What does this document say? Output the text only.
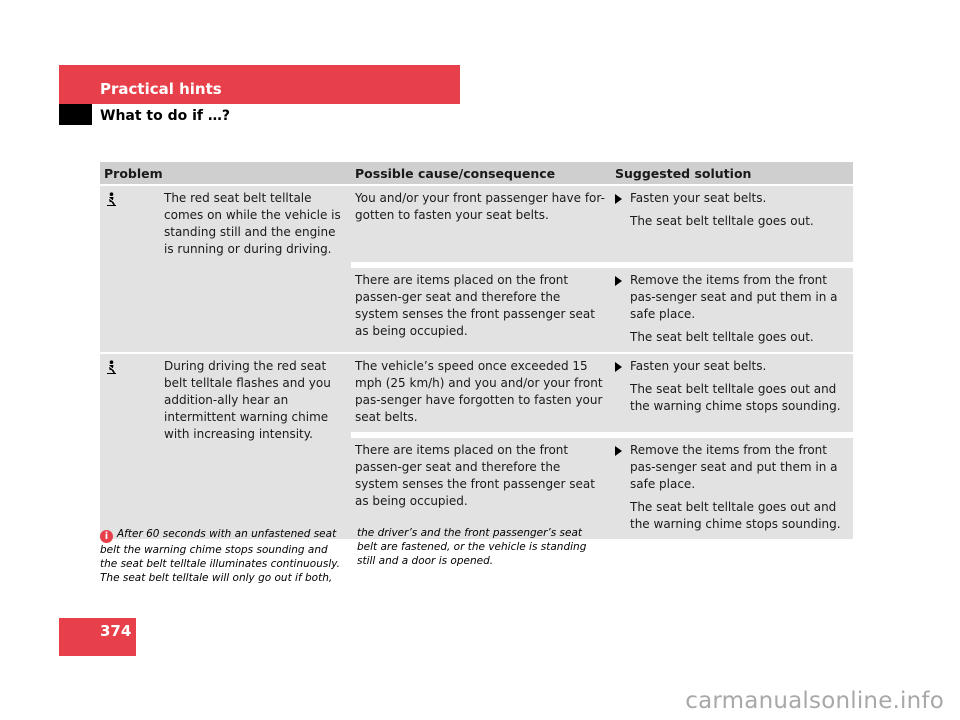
Practical hints
What to do if …?
Problem		Possible cause/consequence	Suggested solution
	The red seat belt telltale comes on while the vehicle is standing still and the engine is running or during driving.	You and/or your front passenger have for-gotten to fasten your seat belts.	Fasten your seat belts.
The seat belt telltale goes out.

		There are items placed on the front passen-ger seat and therefore the system senses the front passenger seat as being occupied.	Remove the items from the front pas-senger seat and put them in a safe place.
The seat belt telltale goes out.

	During driving the red seat belt telltale flashes and you addition-ally hear an intermittent warning chime with increasing intensity.	The vehicle’s speed once exceeded 15 mph (25 km/h) and you and/or your front pas-senger have forgotten to fasten your seat belts.	Fasten your seat belts.
The seat belt telltale goes out and the warning chime stops sounding.

		There are items placed on the front passen-ger seat and therefore the system senses the front passenger seat as being occupied.	Remove the items from the front pas-senger seat and put them in a safe place.
The seat belt telltale goes out and the warning chime stops sounding.
i After 60 seconds with an unfastened seat belt the warning chime stops sounding and the seat belt telltale illuminates continuously. The seat belt telltale will only go out if both,
the driver’s and the front passenger’s seat belt are fastened, or the vehicle is standing still and a door is opened.
374
carmanualsonline.info
